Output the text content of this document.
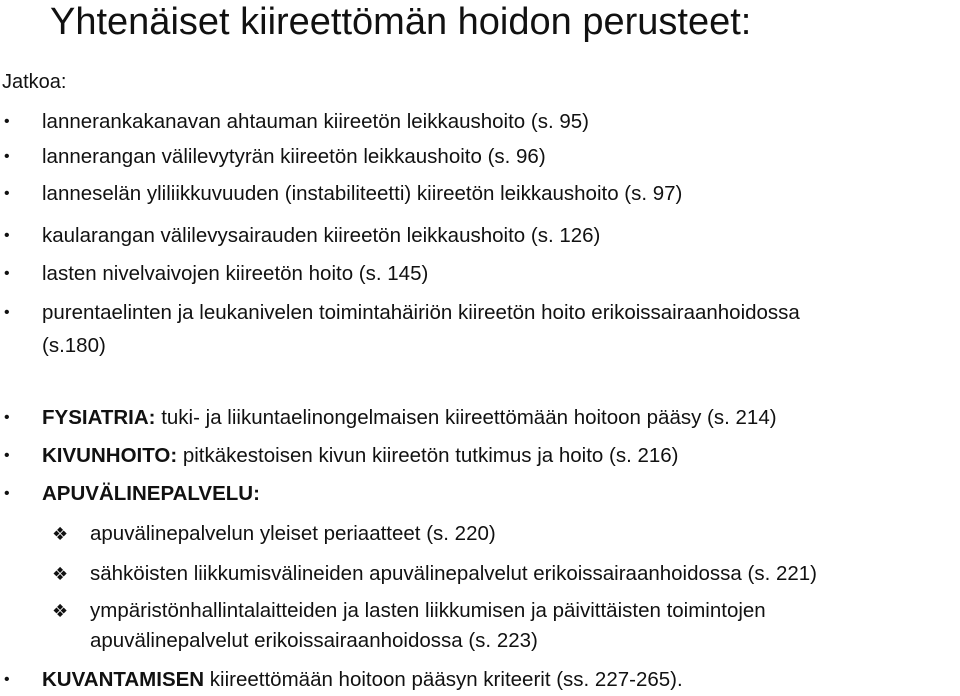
Yhtenäiset kiireettömän hoidon perusteet:
Jatkoa:
• lannerankakanavan ahtauman kiireetön leikkaushoito (s. 95)
• lannerangan välilevytyrän kiireetön leikkaushoito (s. 96)
• lanneselän yliliikkuvuuden (instabiliteetti) kiireetön leikkaushoito (s. 97)
• kaularangan välilevysairauden kiireetön leikkaushoito (s. 126)
• lasten nivelvaivojen kiireetön hoito (s. 145)
• purentaelinten ja leukanivelen toimintahäiriön kiireetön hoito erikoissairaanhoidossa
(s.180)
• FYSIATRIA: tuki- ja liikuntaelinongelmaisen kiireettömään hoitoon pääsy (s. 214)
• KIVUNHOITO: pitkäkestoisen kivun kiireetön tutkimus ja hoito (s. 216)
• APUVÄLINEPALVELU:
❖ apuvälinepalvelun yleiset periaatteet (s. 220)
❖ sähköisten liikkumisvälineiden apuvälinepalvelut erikoissairaanhoidossa (s. 221)
❖ ympäristönhallintalaitteiden ja lasten liikkumisen ja päivittäisten toimintojen
apuvälinepalvelut erikoissairaanhoidossa (s. 223)
• KUVANTAMISEN kiireettömään hoitoon pääsyn kriteerit (ss. 227-265).
